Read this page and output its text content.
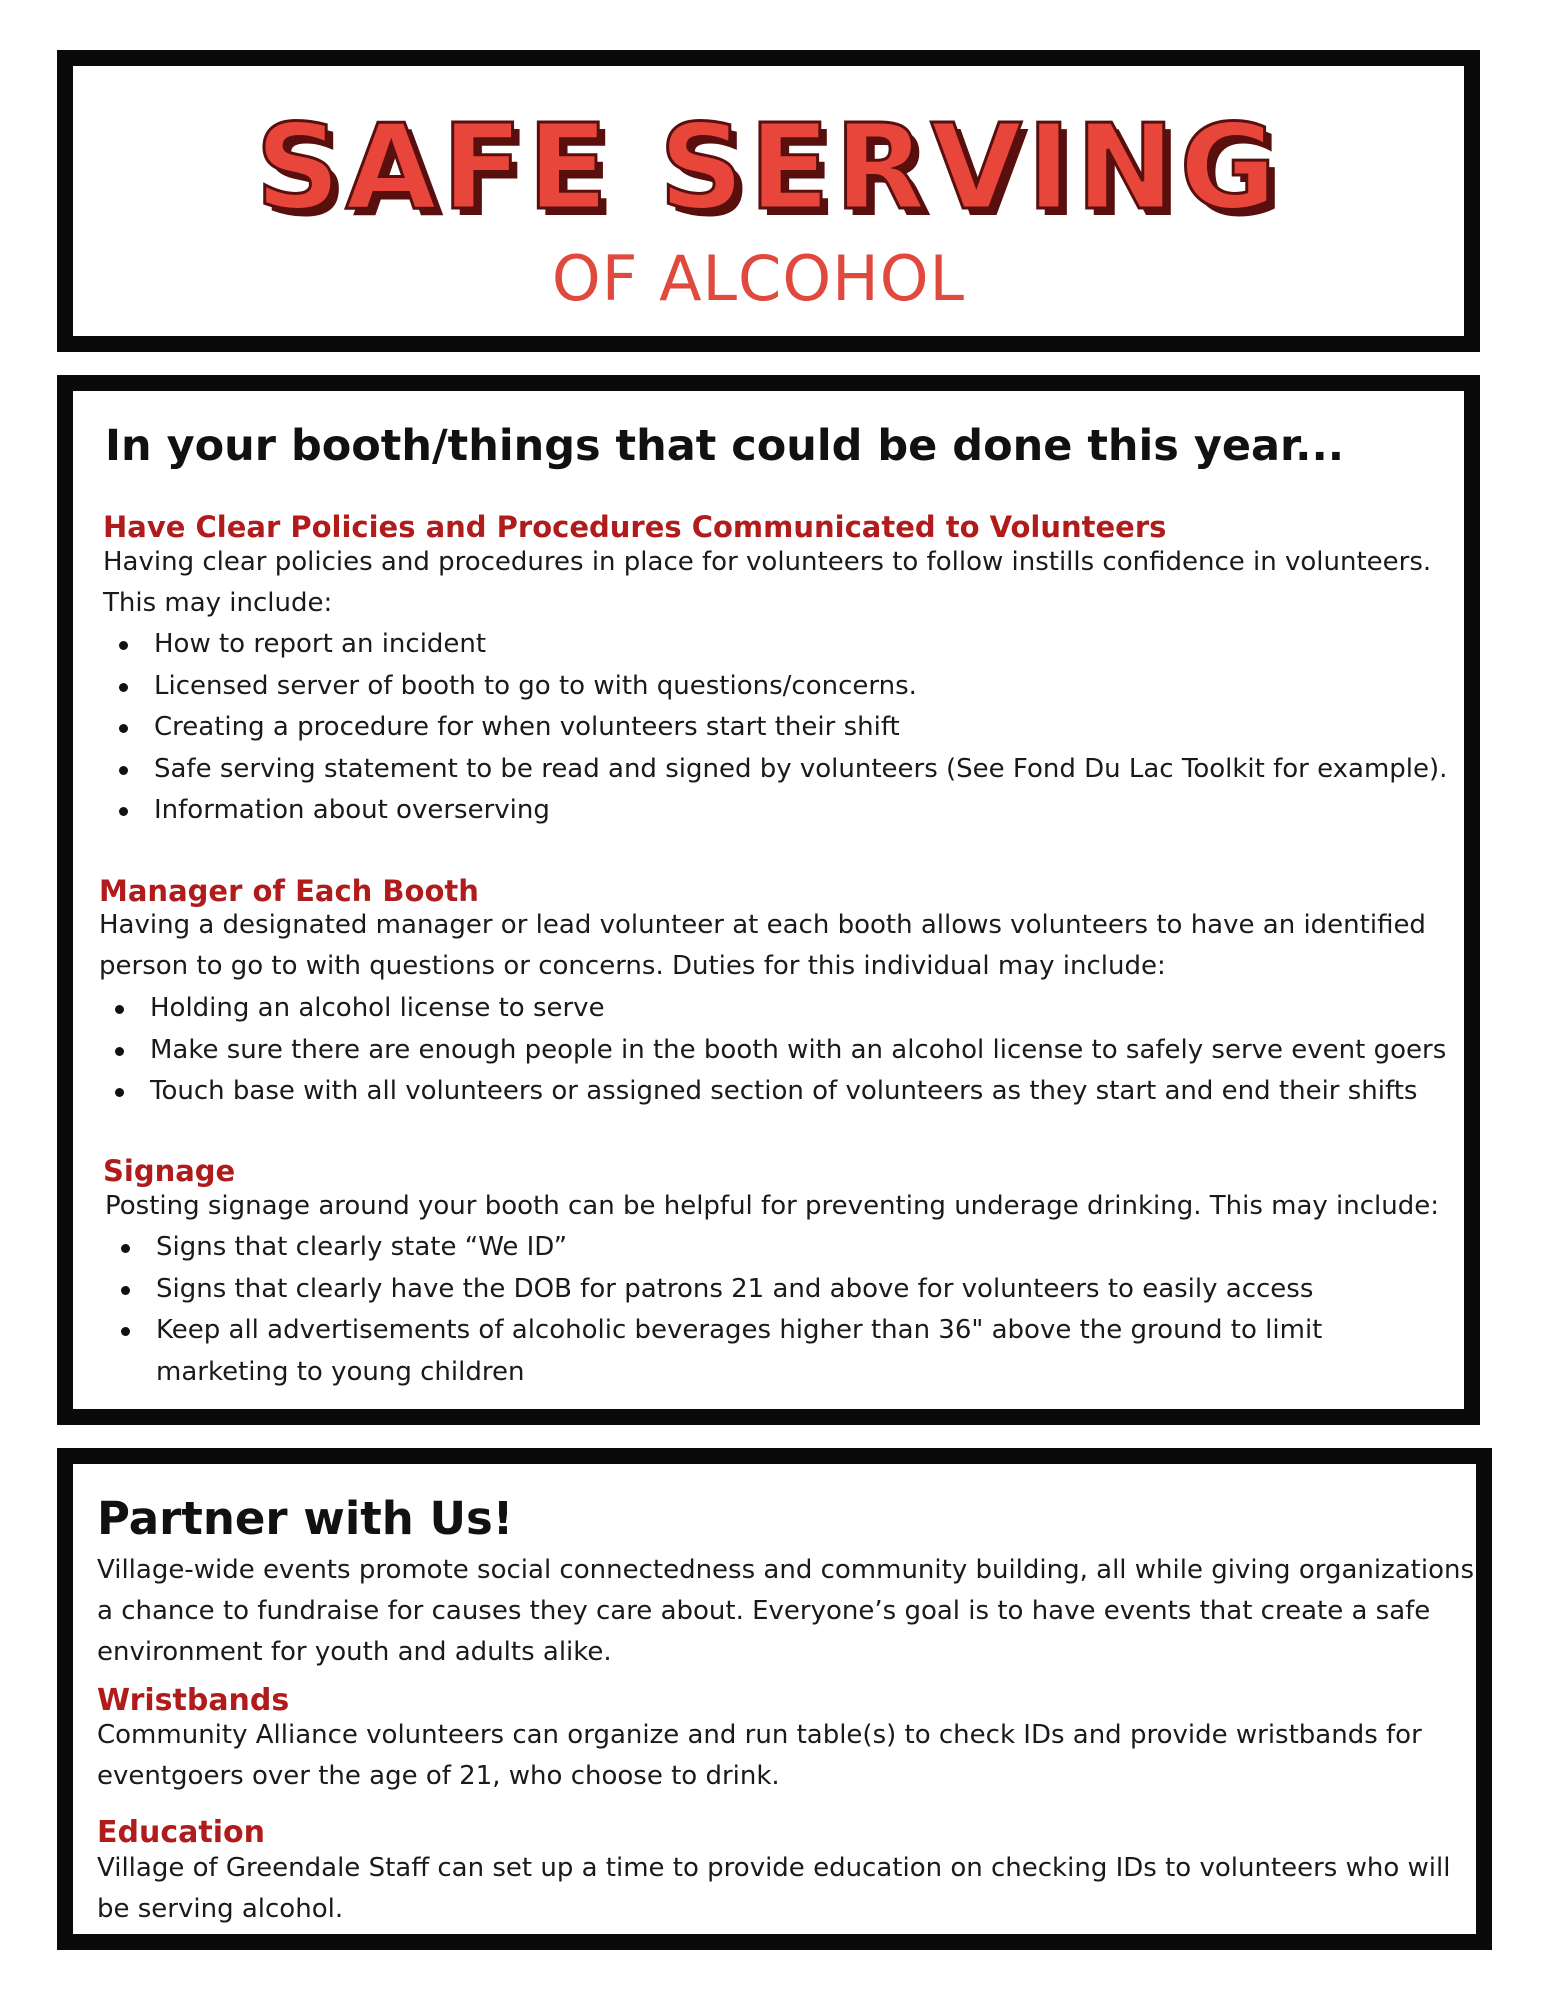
SAFE SERVING
OF ALCOHOL
In your booth/things that could be done this year...
Have Clear Policies and Procedures Communicated to Volunteers

Having clear policies and procedures in place for volunteers to follow instills confidence in volunteers. This may include:

How to report an incident
Licensed server of booth to go to with questions/concerns.
Creating a procedure for when volunteers start their shift
Safe serving statement to be read and signed by volunteers (See Fond Du Lac Toolkit for example).
Information about overserving
Manager of Each Booth

Having a designated manager or lead volunteer at each booth allows volunteers to have an identified person to go to with questions or concerns. Duties for this individual may include:

Holding an alcohol license to serve
Make sure there are enough people in the booth with an alcohol license to safely serve event goers
Touch base with all volunteers or assigned section of volunteers as they start and end their shifts
Signage

Posting signage around your booth can be helpful for preventing underage drinking. This may include:

Signs that clearly state “We ID”
Signs that clearly have the DOB for patrons 21 and above for volunteers to easily access
Keep all advertisements of alcoholic beverages higher than 36" above the ground to limit marketing to young children
Partner with Us!

Village-wide events promote social connectedness and community building, all while giving organizations a chance to fundraise for causes they care about. Everyone’s goal is to have events that create a safe environment for youth and adults alike.

Wristbands

Community Alliance volunteers can organize and run table(s) to check IDs and provide wristbands for eventgoers over the age of 21, who choose to drink.

Education

Village of Greendale Staff can set up a time to provide education on checking IDs to volunteers who will be serving alcohol.
